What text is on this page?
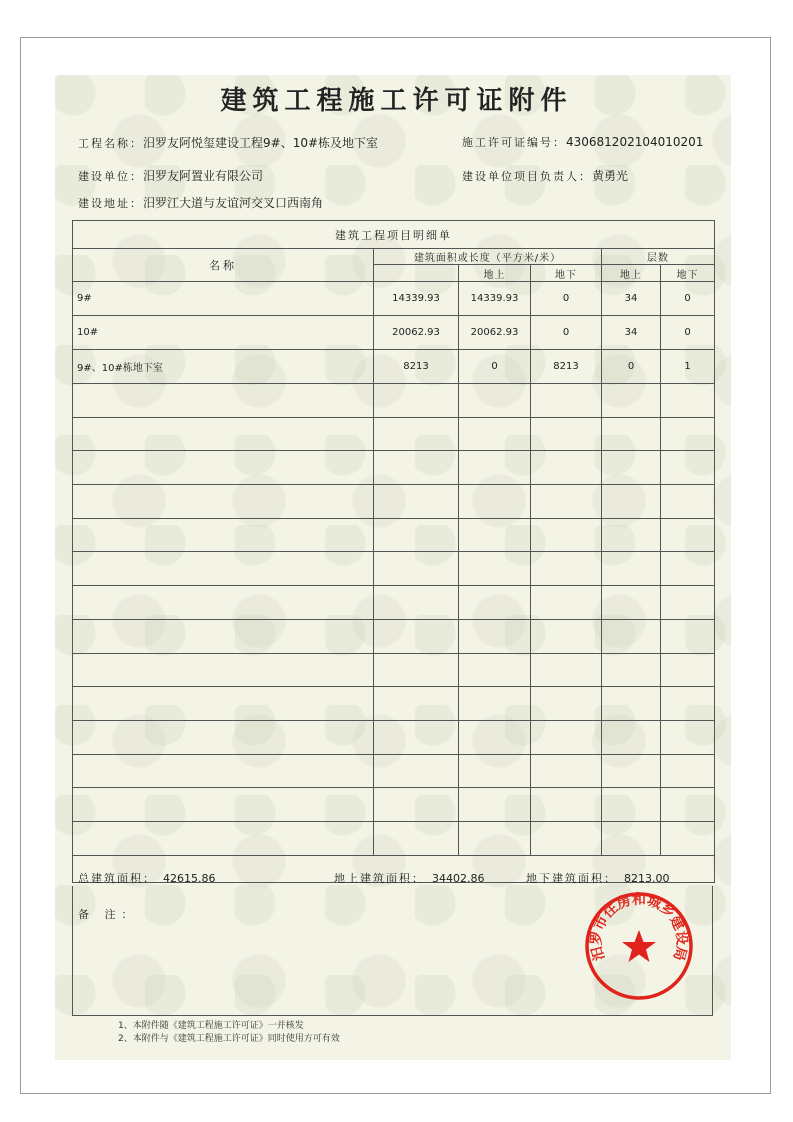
建筑工程施工许可证附件
工程名称：汨罗友阿悦玺建设工程9#、10#栋及地下室	施工许可证编号：430681202104010201
建设单位：汨罗友阿置业有限公司	建设单位项目负责人：黄勇光
建设地址：汨罗江大道与友谊河交叉口西南角
建筑工程项目明细单					
名称	建筑面积或长度（平方米/米）			层数	
		地上	地下	地上	地下
9#	14339.93	14339.93	0	34	0
10#	20062.93	20062.93	0	34	0
9#、10#栋地下室	8213	0	8213	0	1

总建筑面积： 42615.86	地上建筑面积： 34402.86	地下建筑面积： 8213.00
备 注：
1、本附件随《建筑工程施工许可证》一并核发
2、本附件与《建筑工程施工许可证》同时使用方可有效
汨罗市住房和城乡建设局
